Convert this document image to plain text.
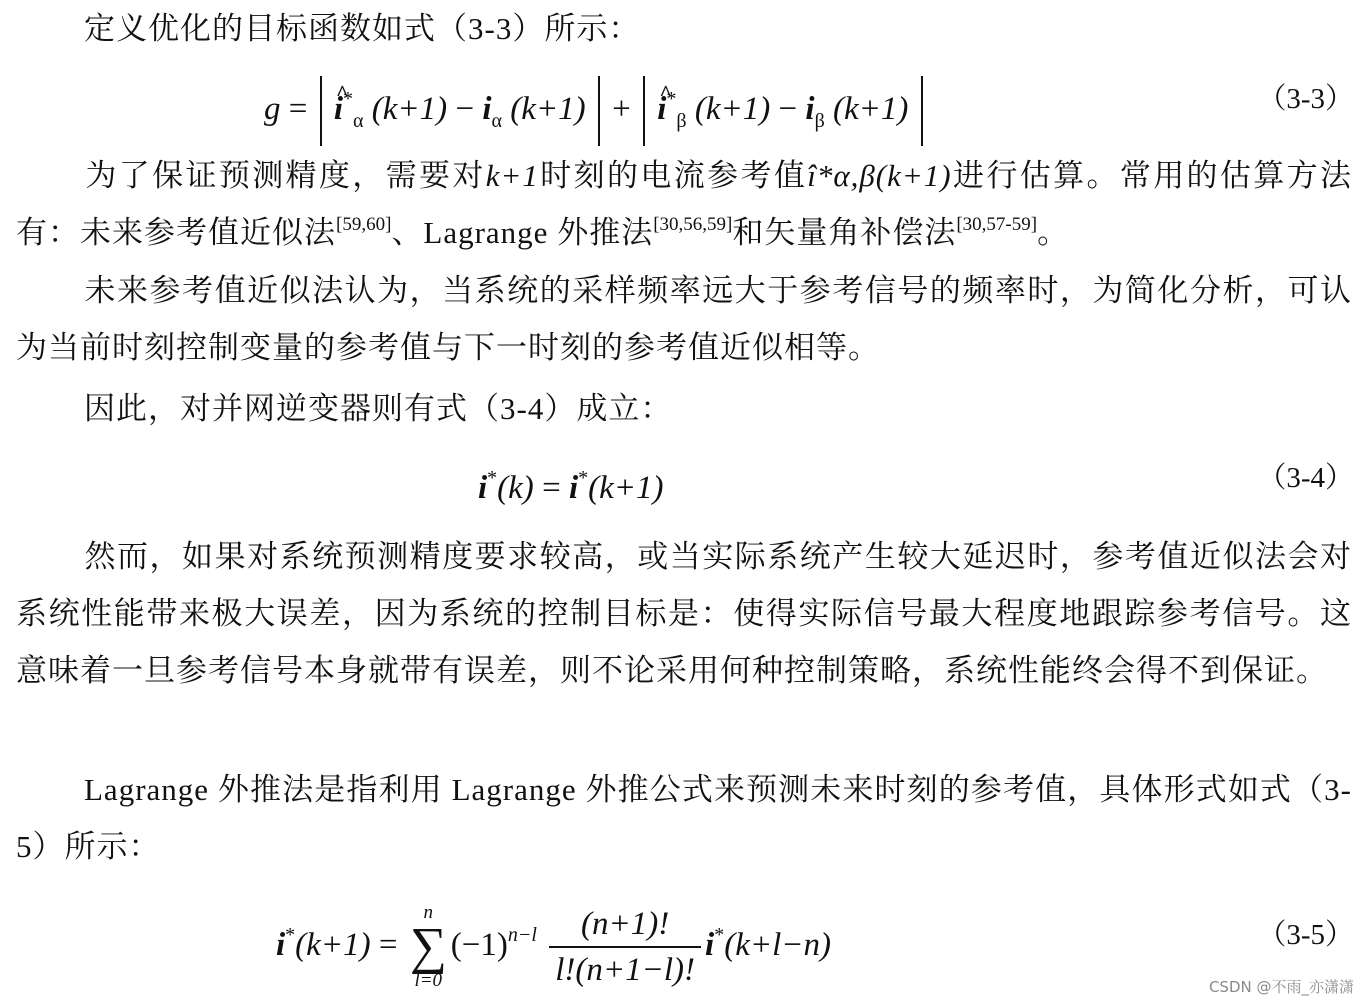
定义优化的目标函数如式（3-3）所示：
g =  ^ $i^*_\alpha$ $(k+1) - i_\alpha$ (k+1)  +  ^ $i^*_\beta$ $(k+1) - i_\beta$ (k+1)	（3-3）
为了保证预测精度，需要对k+1时刻的电流参考值î*α,β(k+1)进行估算。常用的估算方法有：未来参考值近似法[59,60]、Lagrange 外推法[30,56,59]和矢量角补偿法[30,57-59]。
未来参考值近似法认为，当系统的采样频率远大于参考信号的频率时，为简化分析，可认为当前时刻控制变量的参考值与下一时刻的参考值近似相等。
因此，对并网逆变器则有式（3-4）成立：
i*(k) = i*(k+1)	（3-4）
然而，如果对系统预测精度要求较高，或当实际系统产生较大延迟时，参考值近似法会对系统性能带来极大误差，因为系统的控制目标是：使得实际信号最大程度地跟踪参考信号。这意味着一旦参考信号本身就带有误差，则不论采用何种控制策略，系统性能终会得不到保证。
Lagrange 外推法是指利用 Lagrange 外推公式来预测未来时刻的参考值，具体形式如式（3-5）所示：
i*(k+1) =
n
∑
l=0
$(-1)^{n-l} \frac{(n+1)!}{l!(n+1-l)!} i^*(k+l-n)$	（3-5）
CSDN @不雨_亦潇潇
